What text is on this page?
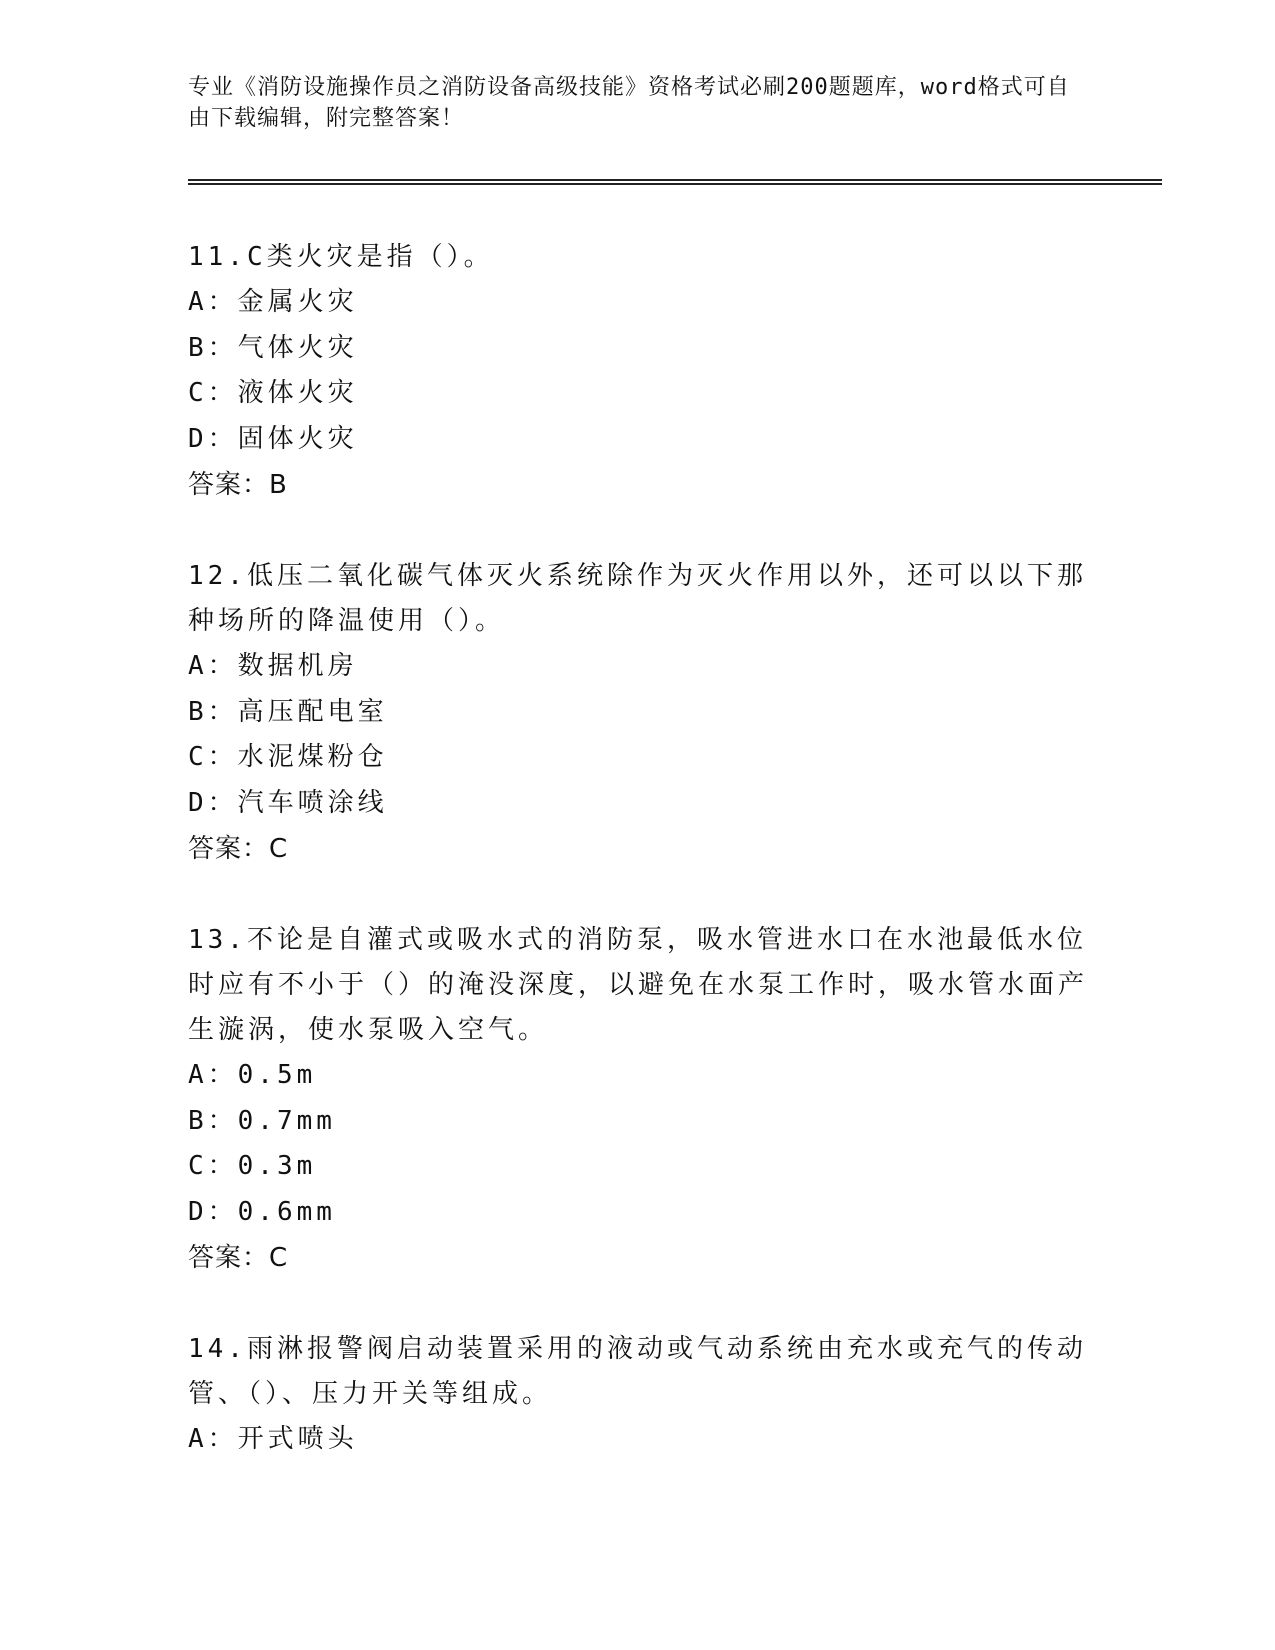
专业《消防设施操作员之消防设备高级技能》资格考试必刷200题题库，word格式可自由下载编辑，附完整答案！

11.C类火灾是指（）。

A：金属火灾
B：气体火灾
C：液体火灾
D：固体火灾
答案：B

12.低压二氧化碳气体灭火系统除作为灭火作用以外，还可以以下那种场所的降温使用（）。

A：数据机房
B：高压配电室
C：水泥煤粉仓
D：汽车喷涂线
答案：C

13.不论是自灌式或吸水式的消防泵，吸水管进水口在水池最低水位时应有不小于（）的淹没深度，以避免在水泵工作时，吸水管水面产生漩涡，使水泵吸入空气。

A：0.5m
B：0.7mm
C：0.3m
D：0.6mm
答案：C

14.雨淋报警阀启动装置采用的液动或气动系统由充水或充气的传动管、（）、压力开关等组成。

A：开式喷头
